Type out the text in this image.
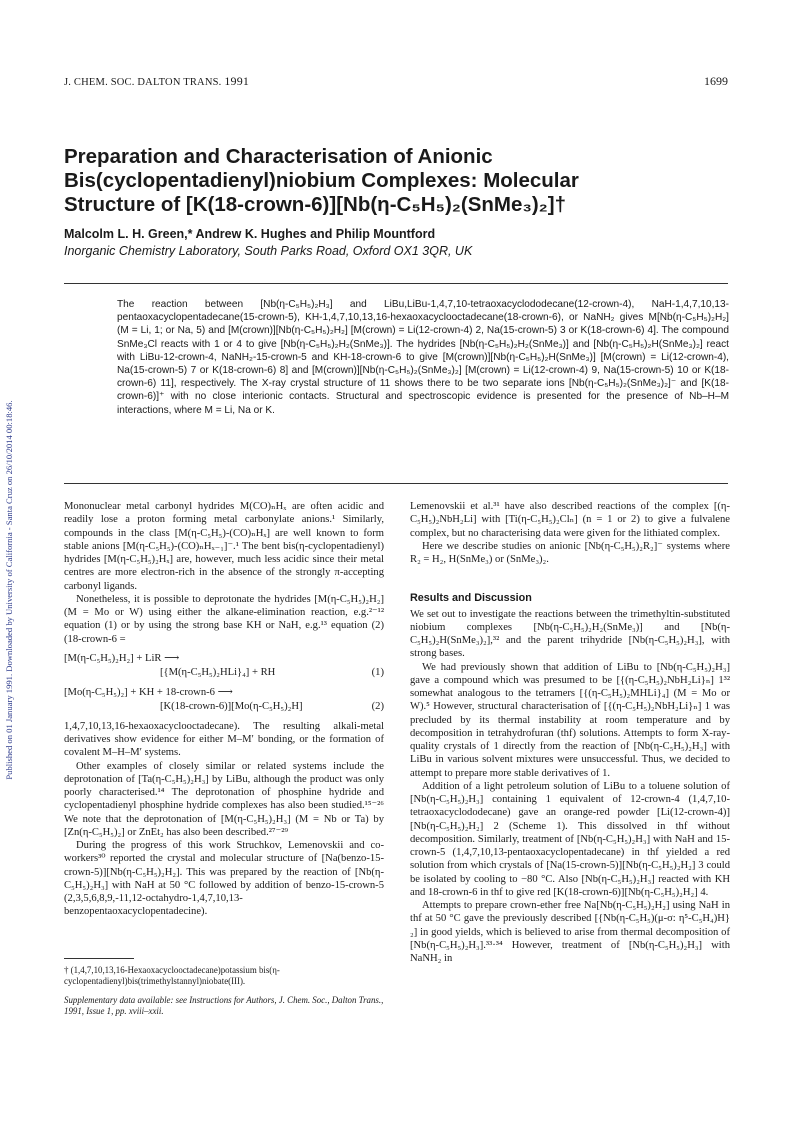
Published on 01 January 1991. Downloaded by University of California - Santa Cruz on 26/10/2014 00:18:46.
J. CHEM. SOC. DALTON TRANS. 1991	1699
Preparation and Characterisation of Anionic
Bis(cyclopentadienyl)niobium Complexes: Molecular
Structure of [K(18-crown-6)][Nb(η-C₅H₅)₂(SnMe₃)₂]†
Malcolm L. H. Green,* Andrew K. Hughes and Philip Mountford
Inorganic Chemistry Laboratory, South Parks Road, Oxford OX1 3QR, UK
The reaction between [Nb(η-C₅H₅)₂H₃] and LiBu,LiBu-1,4,7,10-tetraoxacyclododecane(12-crown-4), NaH-1,4,7,10,13-pentaoxacyclopentadecane(15-crown-5), KH-1,4,7,10,13,16-hexaoxacyclooctadecane(18-crown-6), or NaNH₂ gives M[Nb(η-C₅H₅)₂H₂] (M = Li, 1; or Na, 5) and [M(crown)][Nb(η-C₅H₅)₂H₂] [M(crown) = Li(12-crown-4) 2, Na(15-crown-5) 3 or K(18-crown-6) 4]. The compound SnMe₃Cl reacts with 1 or 4 to give [Nb(η-C₅H₅)₂H₂(SnMe₃)]. The hydrides [Nb(η-C₅H₅)₂H₂(SnMe₃)] and [Nb(η-C₅H₅)₂H(SnMe₃)₂] react with LiBu-12-crown-4, NaNH₂-15-crown-5 and KH-18-crown-6 to give [M(crown)][Nb(η-C₅H₅)₂H(SnMe₃)] [M(crown) = Li(12-crown-4), Na(15-crown-5) 7 or K(18-crown-6) 8] and [M(crown)][Nb(η-C₅H₅)₂(SnMe₃)₂] [M(crown) = Li(12-crown-4) 9, Na(15-crown-5) 10 or K(18-crown-6) 11], respectively. The X-ray crystal structure of 11 shows there to be two separate ions [Nb(η-C₅H₅)₂(SnMe₃)₂]⁻ and [K(18-crown-6)]⁺ with no close interionic contacts. Structural and spectroscopic evidence is presented for the presence of Nb–H–M interactions, where M = Li, Na or K.

Mononuclear metal carbonyl hydrides M(CO)ₙHₓ are often acidic and readily lose a proton forming metal carbonylate anions.¹ Similarly, compounds in the class [M(η-C₅H₅)-(CO)ₙHₓ] are well known to form stable anions [M(η-C₅H₅)-(CO)ₙHₓ₋₁]⁻.¹ The bent bis(η-cyclopentadienyl) hydrides [M(η-C₅H₅)₂Hₓ] are, however, much less acidic since their metal centres are more electron-rich in the absence of the strongly π-accepting carbonyl ligands.

Nonetheless, it is possible to deprotonate the hydrides [M(η-C₅H₅)₂H₂] (M = Mo or W) using either the alkane-elimination reaction, e.g.²⁻¹² equation (1) or by using the strong base KH or NaH, e.g.¹³ equation (2) (18-crown-6 =

[M(η-C₅H₅)₂H₂] + LiR ⟶
[{M(η-C₅H₅)₂HLi}₄] + RH	(1)
[Mo(η-C₅H₅)₂] + KH + 18-crown-6 ⟶
[K(18-crown-6)][Mo(η-C₅H₅)₂H]	(2)

1,4,7,10,13,16-hexaoxacyclooctadecane). The resulting alkali-metal derivatives show evidence for either M–M′ bonding, or the formation of covalent M–H–M′ systems.

Other examples of closely similar or related systems include the deprotonation of [Ta(η-C₅H₅)₂H₃] by LiBu, although the product was only poorly characterised.¹⁴ The deprotonation of phosphine hydride and cyclopentadienyl phosphine hydride complexes has also been studied.¹⁵⁻²⁶ We note that the deprotonation of [M(η-C₅H₅)₂H₃] (M = Nb or Ta) by [Zn(η-C₅H₅)₂] or ZnEt₂ has also been described.²⁷⁻²⁹

During the progress of this work Struchkov, Lemenovskii and co-workers³⁰ reported the crystal and molecular structure of [Na(benzo-15-crown-5)][Nb(η-C₅H₅)₂H₂]. This was prepared by the reaction of [Nb(η-C₅H₅)₂H₃] with NaH at 50 °C followed by addition of benzo-15-crown-5 (2,3,5,6,8,9,-11,12-octahydro-1,4,7,10,13-benzopentaoxacyclopentadecine).

† (1,4,7,10,13,16-Hexaoxacyclooctadecane)potassium bis(η-cyclopentadienyl)bis(trimethylstannyl)niobate(III).
Supplementary data available: see Instructions for Authors, J. Chem. Soc., Dalton Trans., 1991, Issue 1, pp. xviii–xxii.

Lemenovskii et al.³¹ have also described reactions of the complex [(η-C₅H₅)₂NbH₂Li] with [Ti(η-C₅H₅)₂Clₙ] (n = 1 or 2) to give a fulvalene complex, but no characterising data were given for the lithiated complex.

Here we describe studies on anionic [Nb(η-C₅H₅)₂R₂]⁻ systems where R₂ = H₂, H(SnMe₃) or (SnMe₃)₂.

Results and Discussion

We set out to investigate the reactions between the trimethyltin-substituted niobium complexes [Nb(η-C₅H₅)₂H₂(SnMe₃)] and [Nb(η-C₅H₅)₂H(SnMe₃)₂],³² and the parent trihydride [Nb(η-C₅H₅)₂H₃], with strong bases.

We had previously shown that addition of LiBu to [Nb(η-C₅H₅)₂H₃] gave a compound which was presumed to be [{(η-C₅H₅)₂NbH₂Li}ₙ] 1³² somewhat analogous to the tetramers [{(η-C₅H₅)₂MHLi}₄] (M = Mo or W).⁵ However, structural characterisation of [{(η-C₅H₅)₂NbH₂Li}ₙ] 1 was precluded by its thermal instability at room temperature and by decomposition in tetrahydrofuran (thf) solutions. Attempts to form X-ray-quality crystals of 1 directly from the reaction of [Nb(η-C₅H₅)₂H₃] with LiBu in various solvent mixtures were unsuccessful. Thus, we decided to attempt to prepare more stable derivatives of 1.

Addition of a light petroleum solution of LiBu to a toluene solution of [Nb(η-C₅H₅)₂H₃] containing 1 equivalent of 12-crown-4 (1,4,7,10-tetraoxacyclododecane) gave an orange-red powder [Li(12-crown-4)][Nb(η-C₅H₅)₂H₂] 2 (Scheme 1). This dissolved in thf without decomposition. Similarly, treatment of [Nb(η-C₅H₅)₂H₃] with NaH and 15-crown-5 (1,4,7,10,13-pentaoxacyclopentadecane) in thf yielded a red solution from which crystals of [Na(15-crown-5)][Nb(η-C₅H₅)₂H₂] 3 could be isolated by cooling to −80 °C. Also [Nb(η-C₅H₅)₂H₃] reacted with KH and 18-crown-6 in thf to give red [K(18-crown-6)][Nb(η-C₅H₅)₂H₂] 4.

Attempts to prepare crown-ether free Na[Nb(η-C₅H₅)₂H₂] using NaH in thf at 50 °C gave the previously described [{Nb(η-C₅H₅)(μ-σ: η⁵-C₅H₄)H}₂] in good yields, which is believed to arise from thermal decomposition of [Nb(η-C₅H₅)₂H₃].³³·³⁴ However, treatment of [Nb(η-C₅H₅)₂H₃] with NaNH₂ in
